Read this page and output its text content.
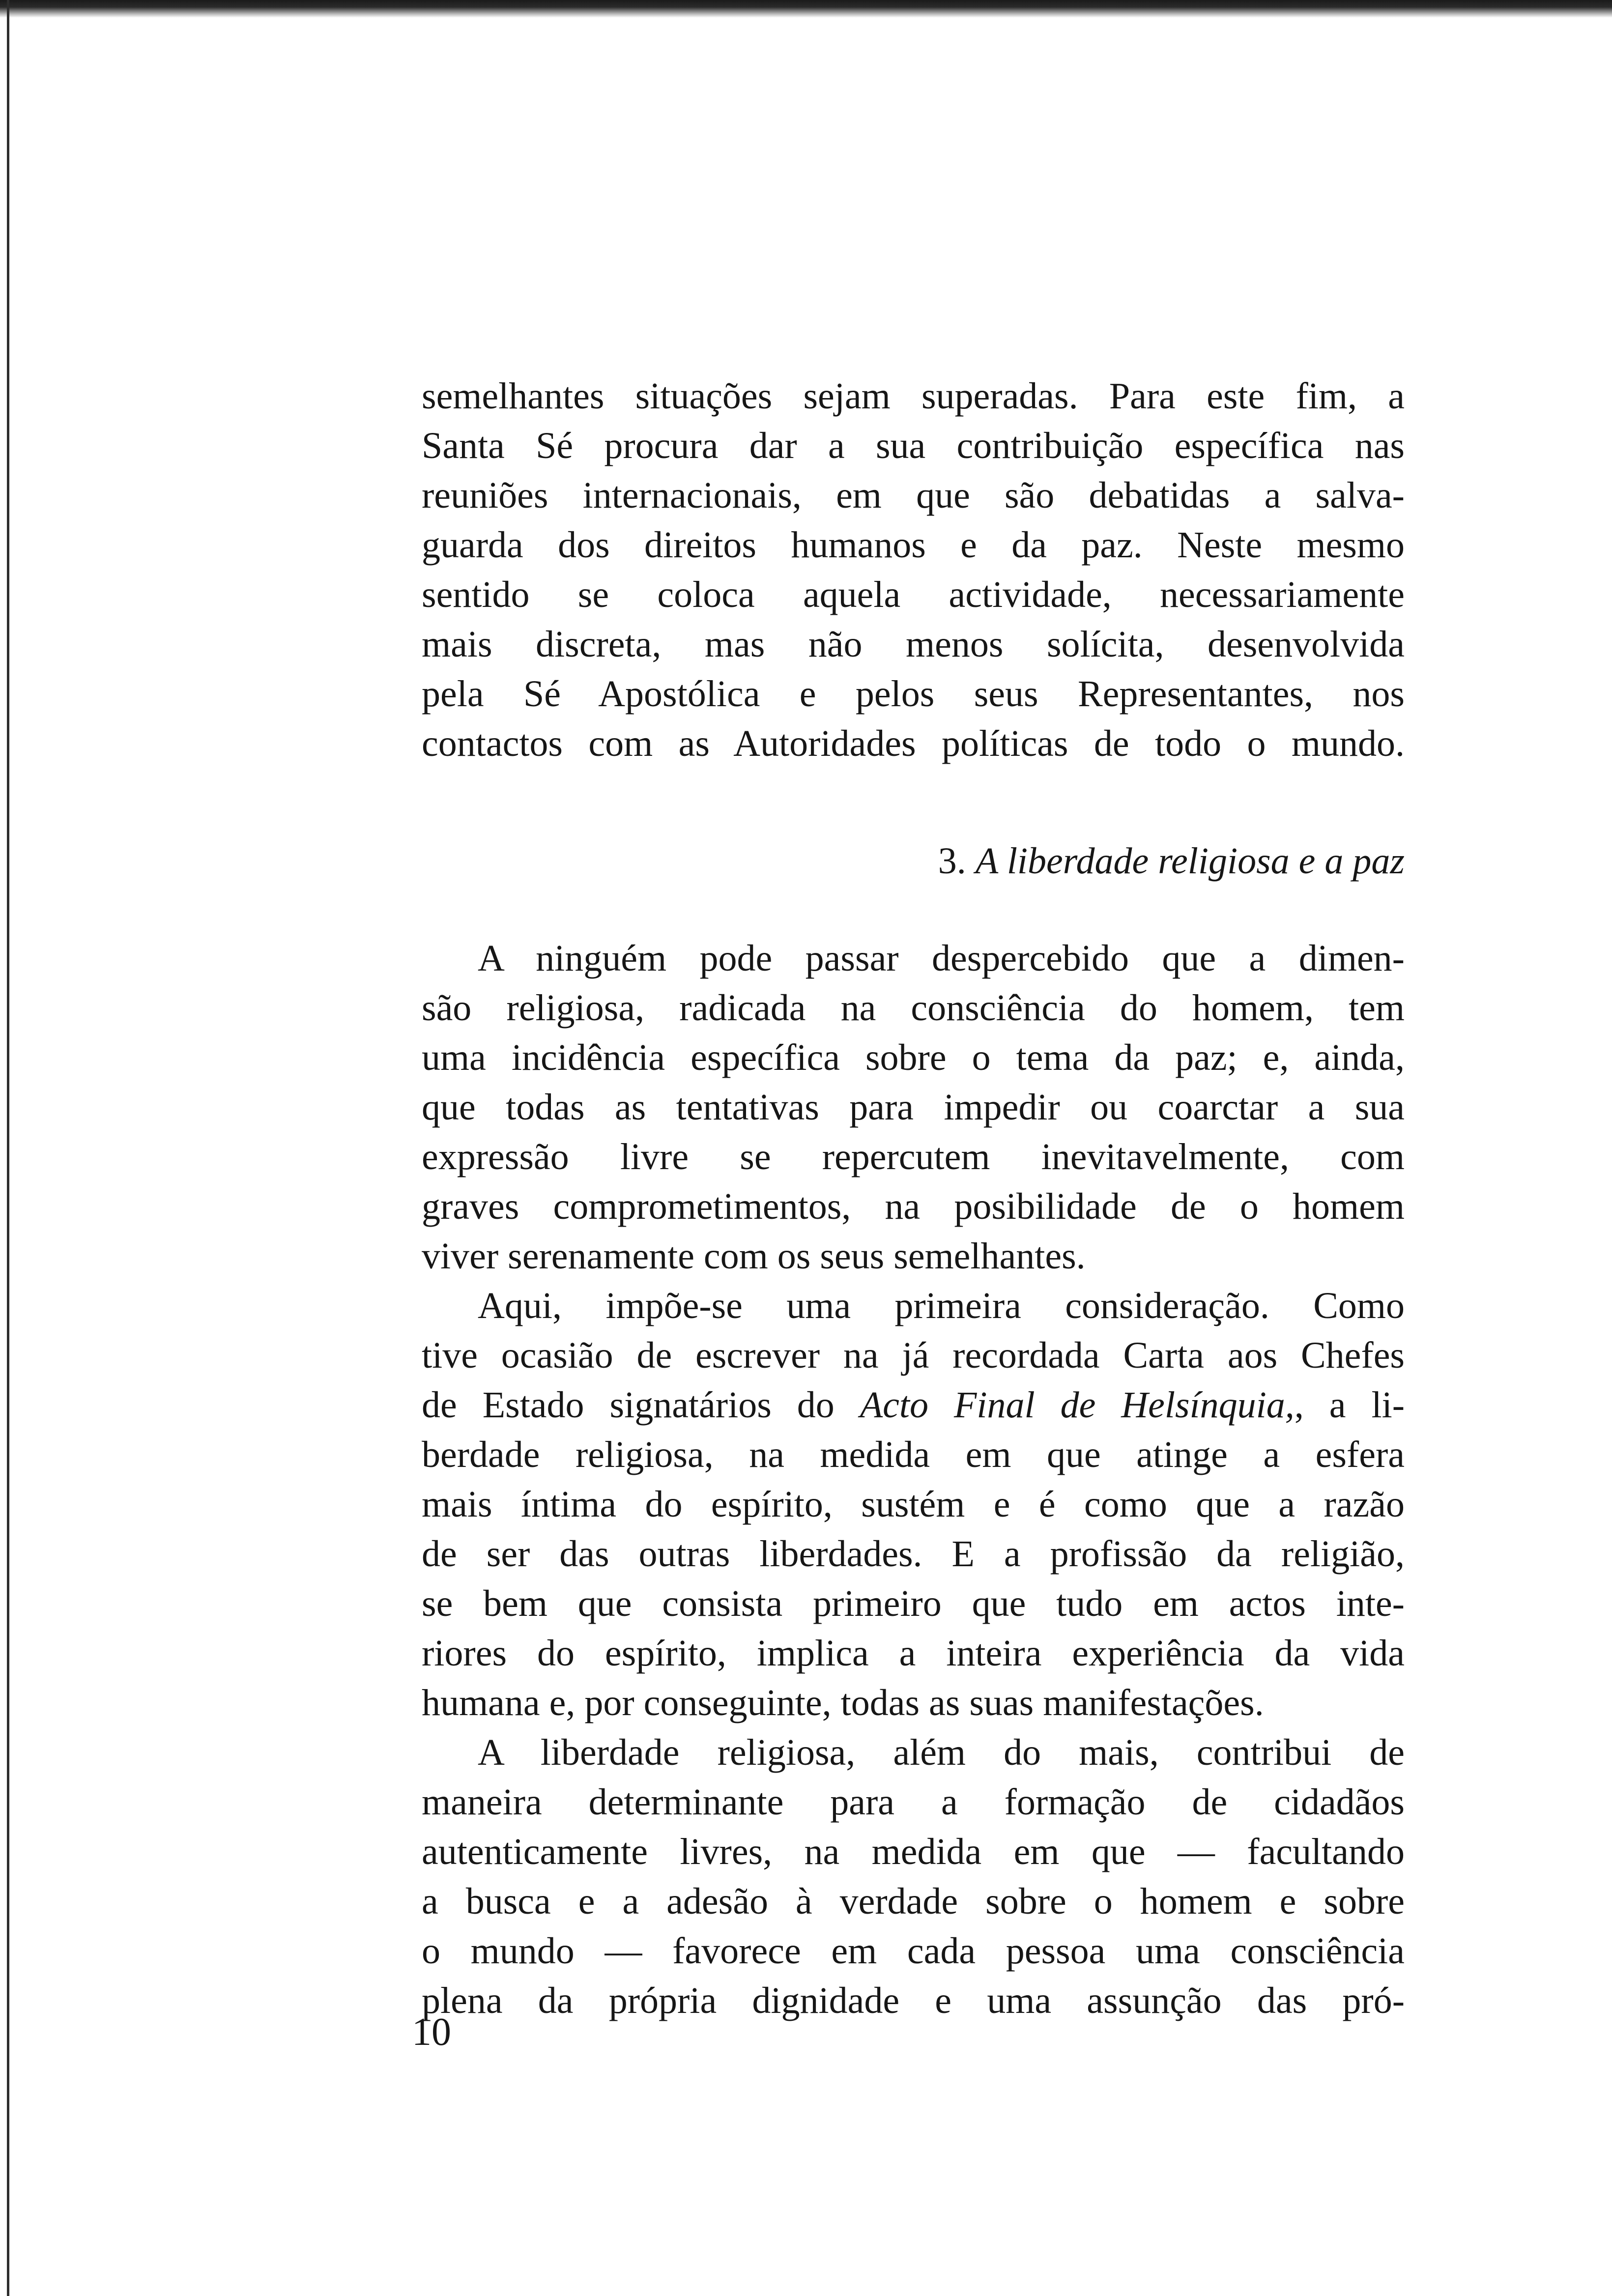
semelhantes situações sejam superadas. Para este fim, a
Santa Sé procura dar a sua contribuição específica nas
reuniões internacionais, em que são debatidas a salva-
guarda dos direitos humanos e da paz. Neste mesmo
sentido se coloca aquela actividade, necessariamente
mais discreta, mas não menos solícita, desenvolvida
pela Sé Apostólica e pelos seus Representantes, nos
contactos com as Autoridades políticas de todo o mundo.
3. A liberdade religiosa e a paz
A ninguém pode passar despercebido que a dimen-
são religiosa, radicada na consciência do homem, tem
uma incidência específica sobre o tema da paz; e, ainda,
que todas as tentativas para impedir ou coarctar a sua
expressão livre se repercutem inevitavelmente, com
graves comprometimentos, na posibilidade de o homem
viver serenamente com os seus semelhantes.
Aqui, impõe-se uma primeira consideração. Como
tive ocasião de escrever na já recordada Carta aos Chefes
de Estado signatários do Acto Final de Helsínquia,, a li-
berdade religiosa, na medida em que atinge a esfera
mais íntima do espírito, sustém e é como que a razão
de ser das outras liberdades. E a profissão da religião,
se bem que consista primeiro que tudo em actos inte-
riores do espírito, implica a inteira experiência da vida
humana e, por conseguinte, todas as suas manifestações.
A liberdade religiosa, além do mais, contribui de
maneira determinante para a formação de cidadãos
autenticamente livres, na medida em que — facultando
a busca e a adesão à verdade sobre o homem e sobre
o mundo — favorece em cada pessoa uma consciência
plena da própria dignidade e uma assunção das pró-
10
